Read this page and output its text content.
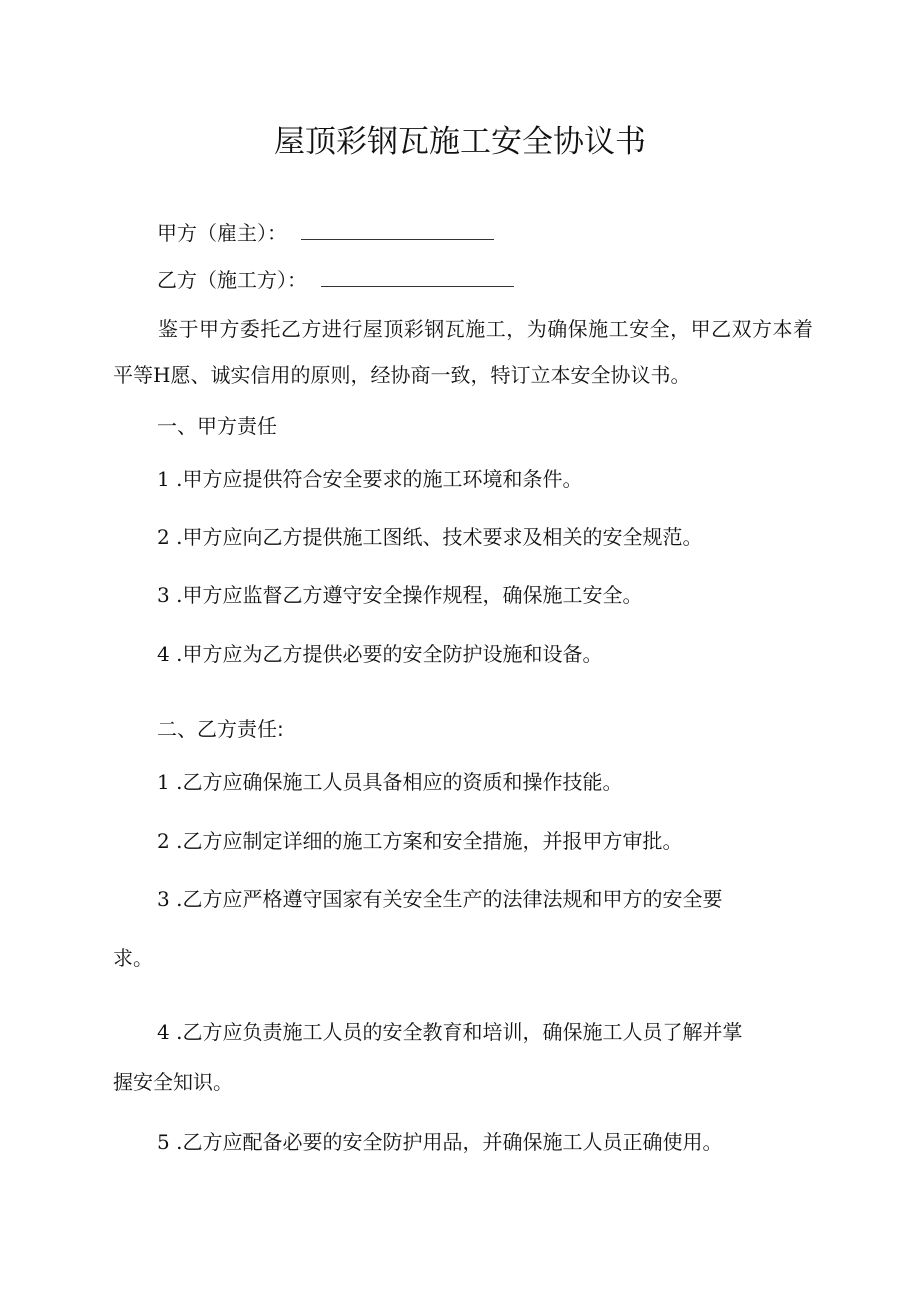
屋顶彩钢瓦施工安全协议书
甲方（雇主）：
乙方（施工方）：
鉴于甲方委托乙方进行屋顶彩钢瓦施工，为确保施工安全，甲乙双方本着平等H愿、诚实信用的原则，经协商一致，特订立本安全协议书。
一、甲方责任
1 .甲方应提供符合安全要求的施工环境和条件。
2 .甲方应向乙方提供施工图纸、技术要求及相关的安全规范。
3 .甲方应监督乙方遵守安全操作规程，确保施工安全。
4 .甲方应为乙方提供必要的安全防护设施和设备。
二、乙方责任:
1 .乙方应确保施工人员具备相应的资质和操作技能。
2 .乙方应制定详细的施工方案和安全措施，并报甲方审批。
3 .乙方应严格遵守国家有关安全生产的法律法规和甲方的安全要
求。
4 .乙方应负责施工人员的安全教育和培训，确保施工人员了解并掌
握安全知识。
5 .乙方应配备必要的安全防护用品，并确保施工人员正确使用。
